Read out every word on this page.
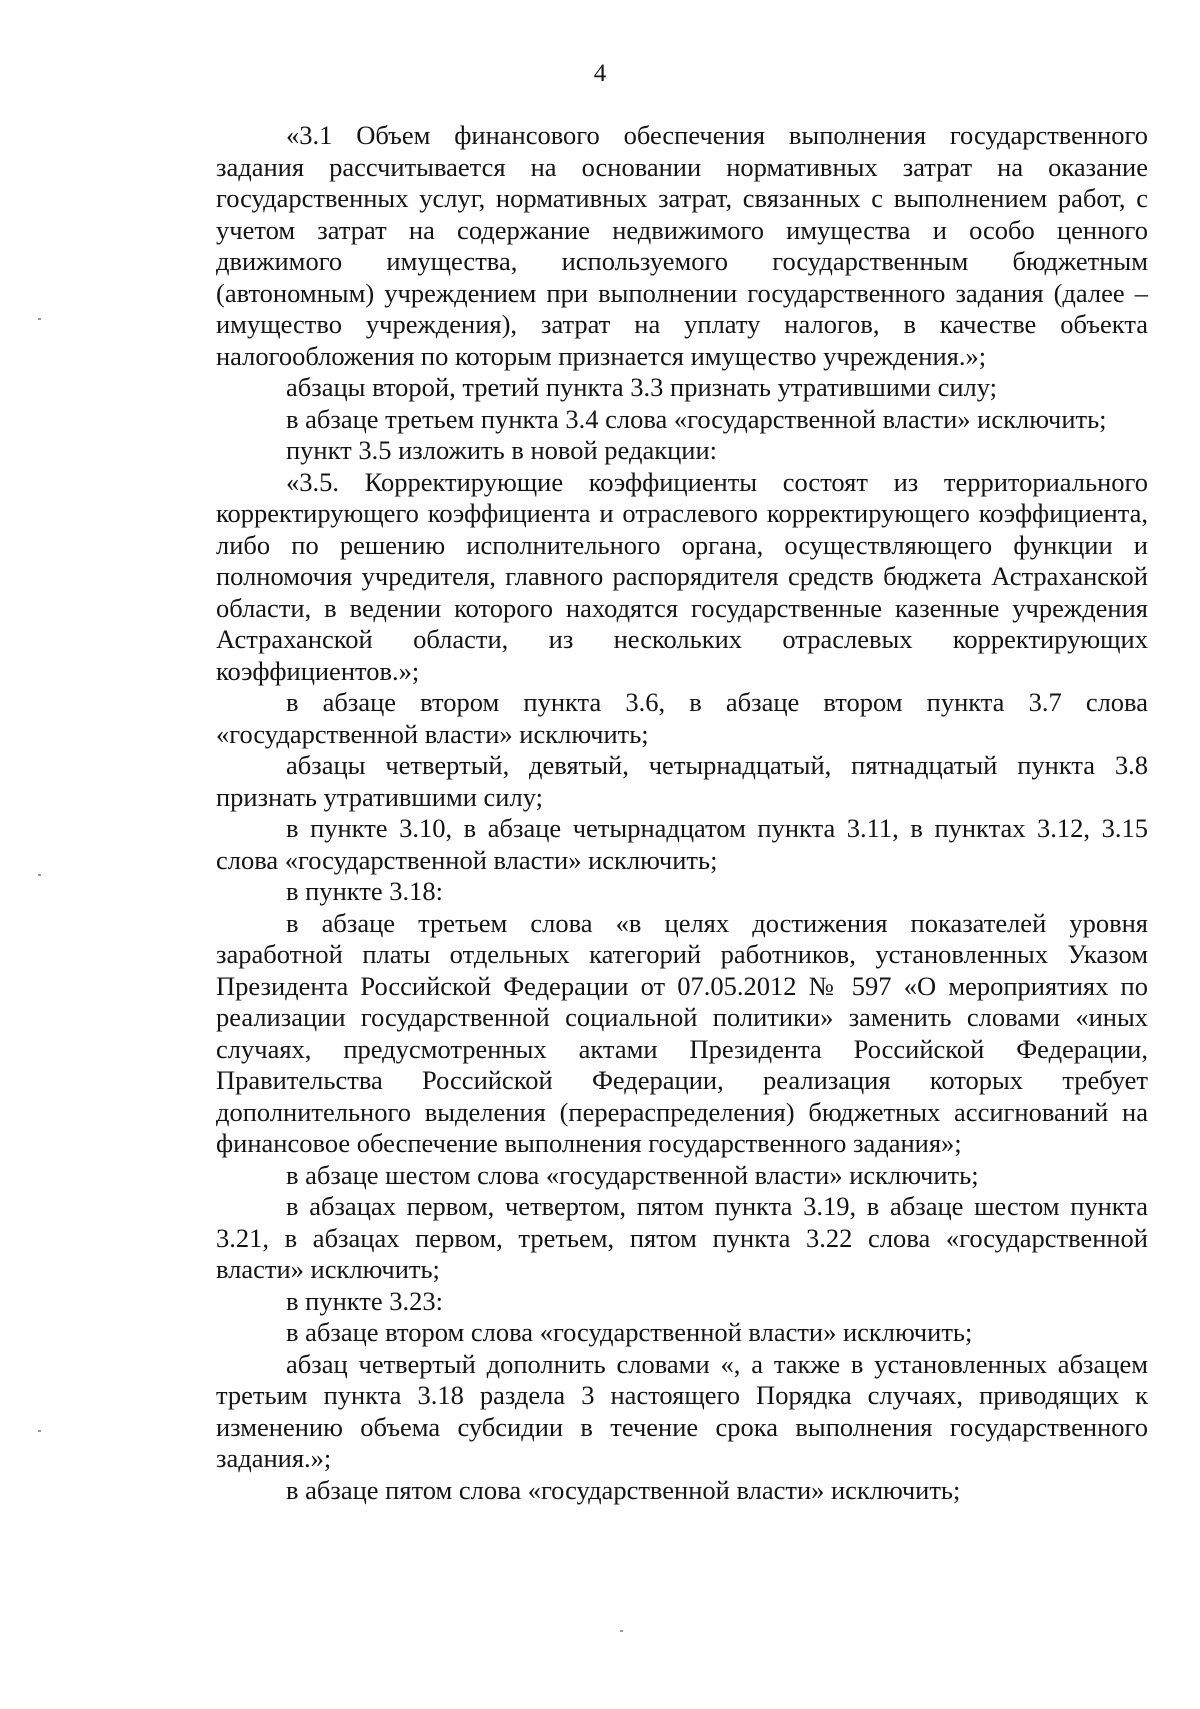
4

«3.1 Объем финансового обеспечения выполнения государственного задания рассчитывается на основании нормативных затрат на оказание государственных услуг, нормативных затрат, связанных с выполнением работ, с учетом затрат на содержание недвижимого имущества и особо ценного движимого имущества, используемого государственным бюджетным (автономным) учреждением при выполнении государственного задания (далее – имущество учреждения), затрат на уплату налогов, в качестве объекта налогообложения по которым признается имущество учреждения.»;

абзацы второй, третий пункта 3.3 признать утратившими силу;

в абзаце третьем пункта 3.4 слова «государственной власти» исключить;

пункт 3.5 изложить в новой редакции:

«3.5. Корректирующие коэффициенты состоят из территориального корректирующего коэффициента и отраслевого корректирующего коэффициента, либо по решению исполнительного органа, осуществляющего функции и полномочия учредителя, главного распорядителя средств бюджета Астраханской области, в ведении которого находятся государственные казенные учреждения Астраханской области, из нескольких отраслевых корректирующих коэффициентов.»;

в абзаце втором пункта 3.6, в абзаце втором пункта 3.7 слова «государственной власти» исключить;

абзацы четвертый, девятый, четырнадцатый, пятнадцатый пункта 3.8 признать утратившими силу;

в пункте 3.10, в абзаце четырнадцатом пункта 3.11, в пунктах 3.12, 3.15 слова «государственной власти» исключить;

в пункте 3.18:

в абзаце третьем слова «в целях достижения показателей уровня заработной платы отдельных категорий работников, установленных Указом Президента Российской Федерации от 07.05.2012 № 597 «О мероприятиях по реализации государственной социальной политики» заменить словами «иных случаях, предусмотренных актами Президента Российской Федерации, Правительства Российской Федерации, реализация которых требует дополнительного выделения (перераспределения) бюджетных ассигнований на финансовое обеспечение выполнения государственного задания»;

в абзаце шестом слова «государственной власти» исключить;

в абзацах первом, четвертом, пятом пункта 3.19, в абзаце шестом пункта 3.21, в абзацах первом, третьем, пятом пункта 3.22 слова «государственной власти» исключить;

в пункте 3.23:

в абзаце втором слова «государственной власти» исключить;

абзац четвертый дополнить словами «, а также в установленных абзацем третьим пункта 3.18 раздела 3 настоящего Порядка случаях, приводящих к изменению объема субсидии в течение срока выполнения государственного задания.»;

в абзаце пятом слова «государственной власти» исключить;
